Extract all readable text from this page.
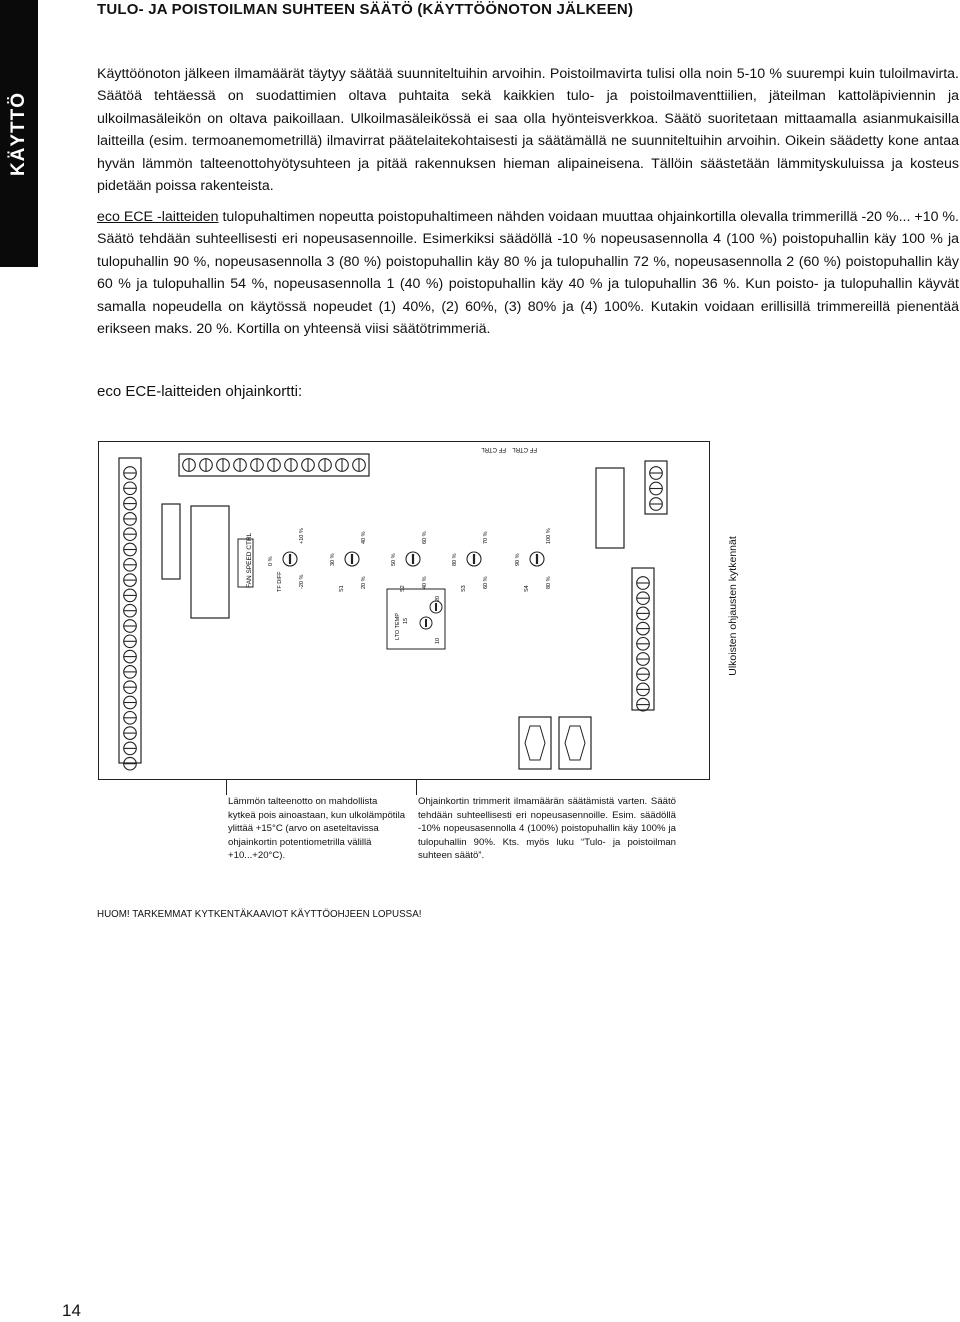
KÄYTTÖ
TULO- JA POISTOILMAN SUHTEEN SÄÄTÖ (KÄYTTÖÖNOTON JÄLKEEN)
Käyttöönoton jälkeen ilmamäärät täytyy säätää suunniteltuihin arvoihin. Poistoilmavirta tulisi olla noin 5-10 % suurempi kuin tuloilmavirta. Säätöä tehtäessä on suodattimien oltava puhtaita sekä kaikkien tulo- ja poistoilmaventtiilien, jäteilman kattoläpiviennin ja ulkoilmasäleikön on oltava paikoillaan. Ulkoilmasäleikössä ei saa olla hyönteisverkkoa. Säätö suoritetaan mittaamalla asianmukaisilla laitteilla (esim. termoanemometrillä) ilmavirrat päätelaitekohtaisesti ja säätämällä ne suunniteltuihin arvoihin. Oikein säädetty kone antaa hyvän lämmön talteenottohyötysuhteen ja pitää rakennuksen hieman alipaineisena. Tällöin säästetään lämmityskuluissa ja kosteus pidetään poissa rakenteista.
eco ECE -laitteiden tulopuhaltimen nopeutta poistopuhaltimeen nähden voidaan muuttaa ohjainkortilla olevalla trimmerillä -20 %... +10 %. Säätö tehdään suhteellisesti eri nopeusasennoille. Esimerkiksi säädöllä -10 % nopeusasennolla 4 (100 %) poistopuhallin käy 100 % ja tulopuhallin 90 %, nopeusasennolla 3 (80 %) poistopuhallin käy 80 % ja tulopuhallin 72 %, nopeusasennolla 2 (60 %) poistopuhallin käy 60 % ja tulopuhallin 54 %, nopeusasennolla 1 (40 %) poistopuhallin käy 40 % ja tulopuhallin 36 %. Kun poisto- ja tulopuhallin käyvät samalla nopeudella on käytössä nopeudet (1) 40%, (2) 60%, (3) 80% ja (4) 100%. Kutakin voidaan erillisillä trimmereillä pienentää erikseen maks. 20 %. Kortilla on yhteensä viisi säätötrimmeriä.
eco ECE-laitteiden ohjainkortti:
FAN SPEED CTRL
FF CTRL FF CTRL
TF DIFF
0 %
+10 %
-20 %	S1
30 %
40 %
20 %	S2
50 %
60 %
40 %	S3
80 %
70 %
60 %	S4
90 %
100 %
80 %
LTO TEMP 15
20
10	Ulkoisten ohjausten kytkennät
Lämmön talteenotto on mahdollista kytkeä pois ainoastaan, kun ulkolämpötila ylittää +15°C (arvo on aseteltavissa ohjainkortin potentiometrilla välillä +10...+20°C).
Ohjainkortin trimmerit ilmamäärän säätämistä varten. Säätö tehdään suhteellisesti eri nopeusasennoille. Esim. säädöllä -10% nopeusasennolla 4 (100%) poistopuhallin käy 100% ja tulopuhallin 90%. Kts. myös luku “Tulo- ja poistoilman suhteen säätö”.
HUOM! TARKEMMAT KYTKENTÄKAAVIOT KÄYTTÖOHJEEN LOPUSSA!
14
